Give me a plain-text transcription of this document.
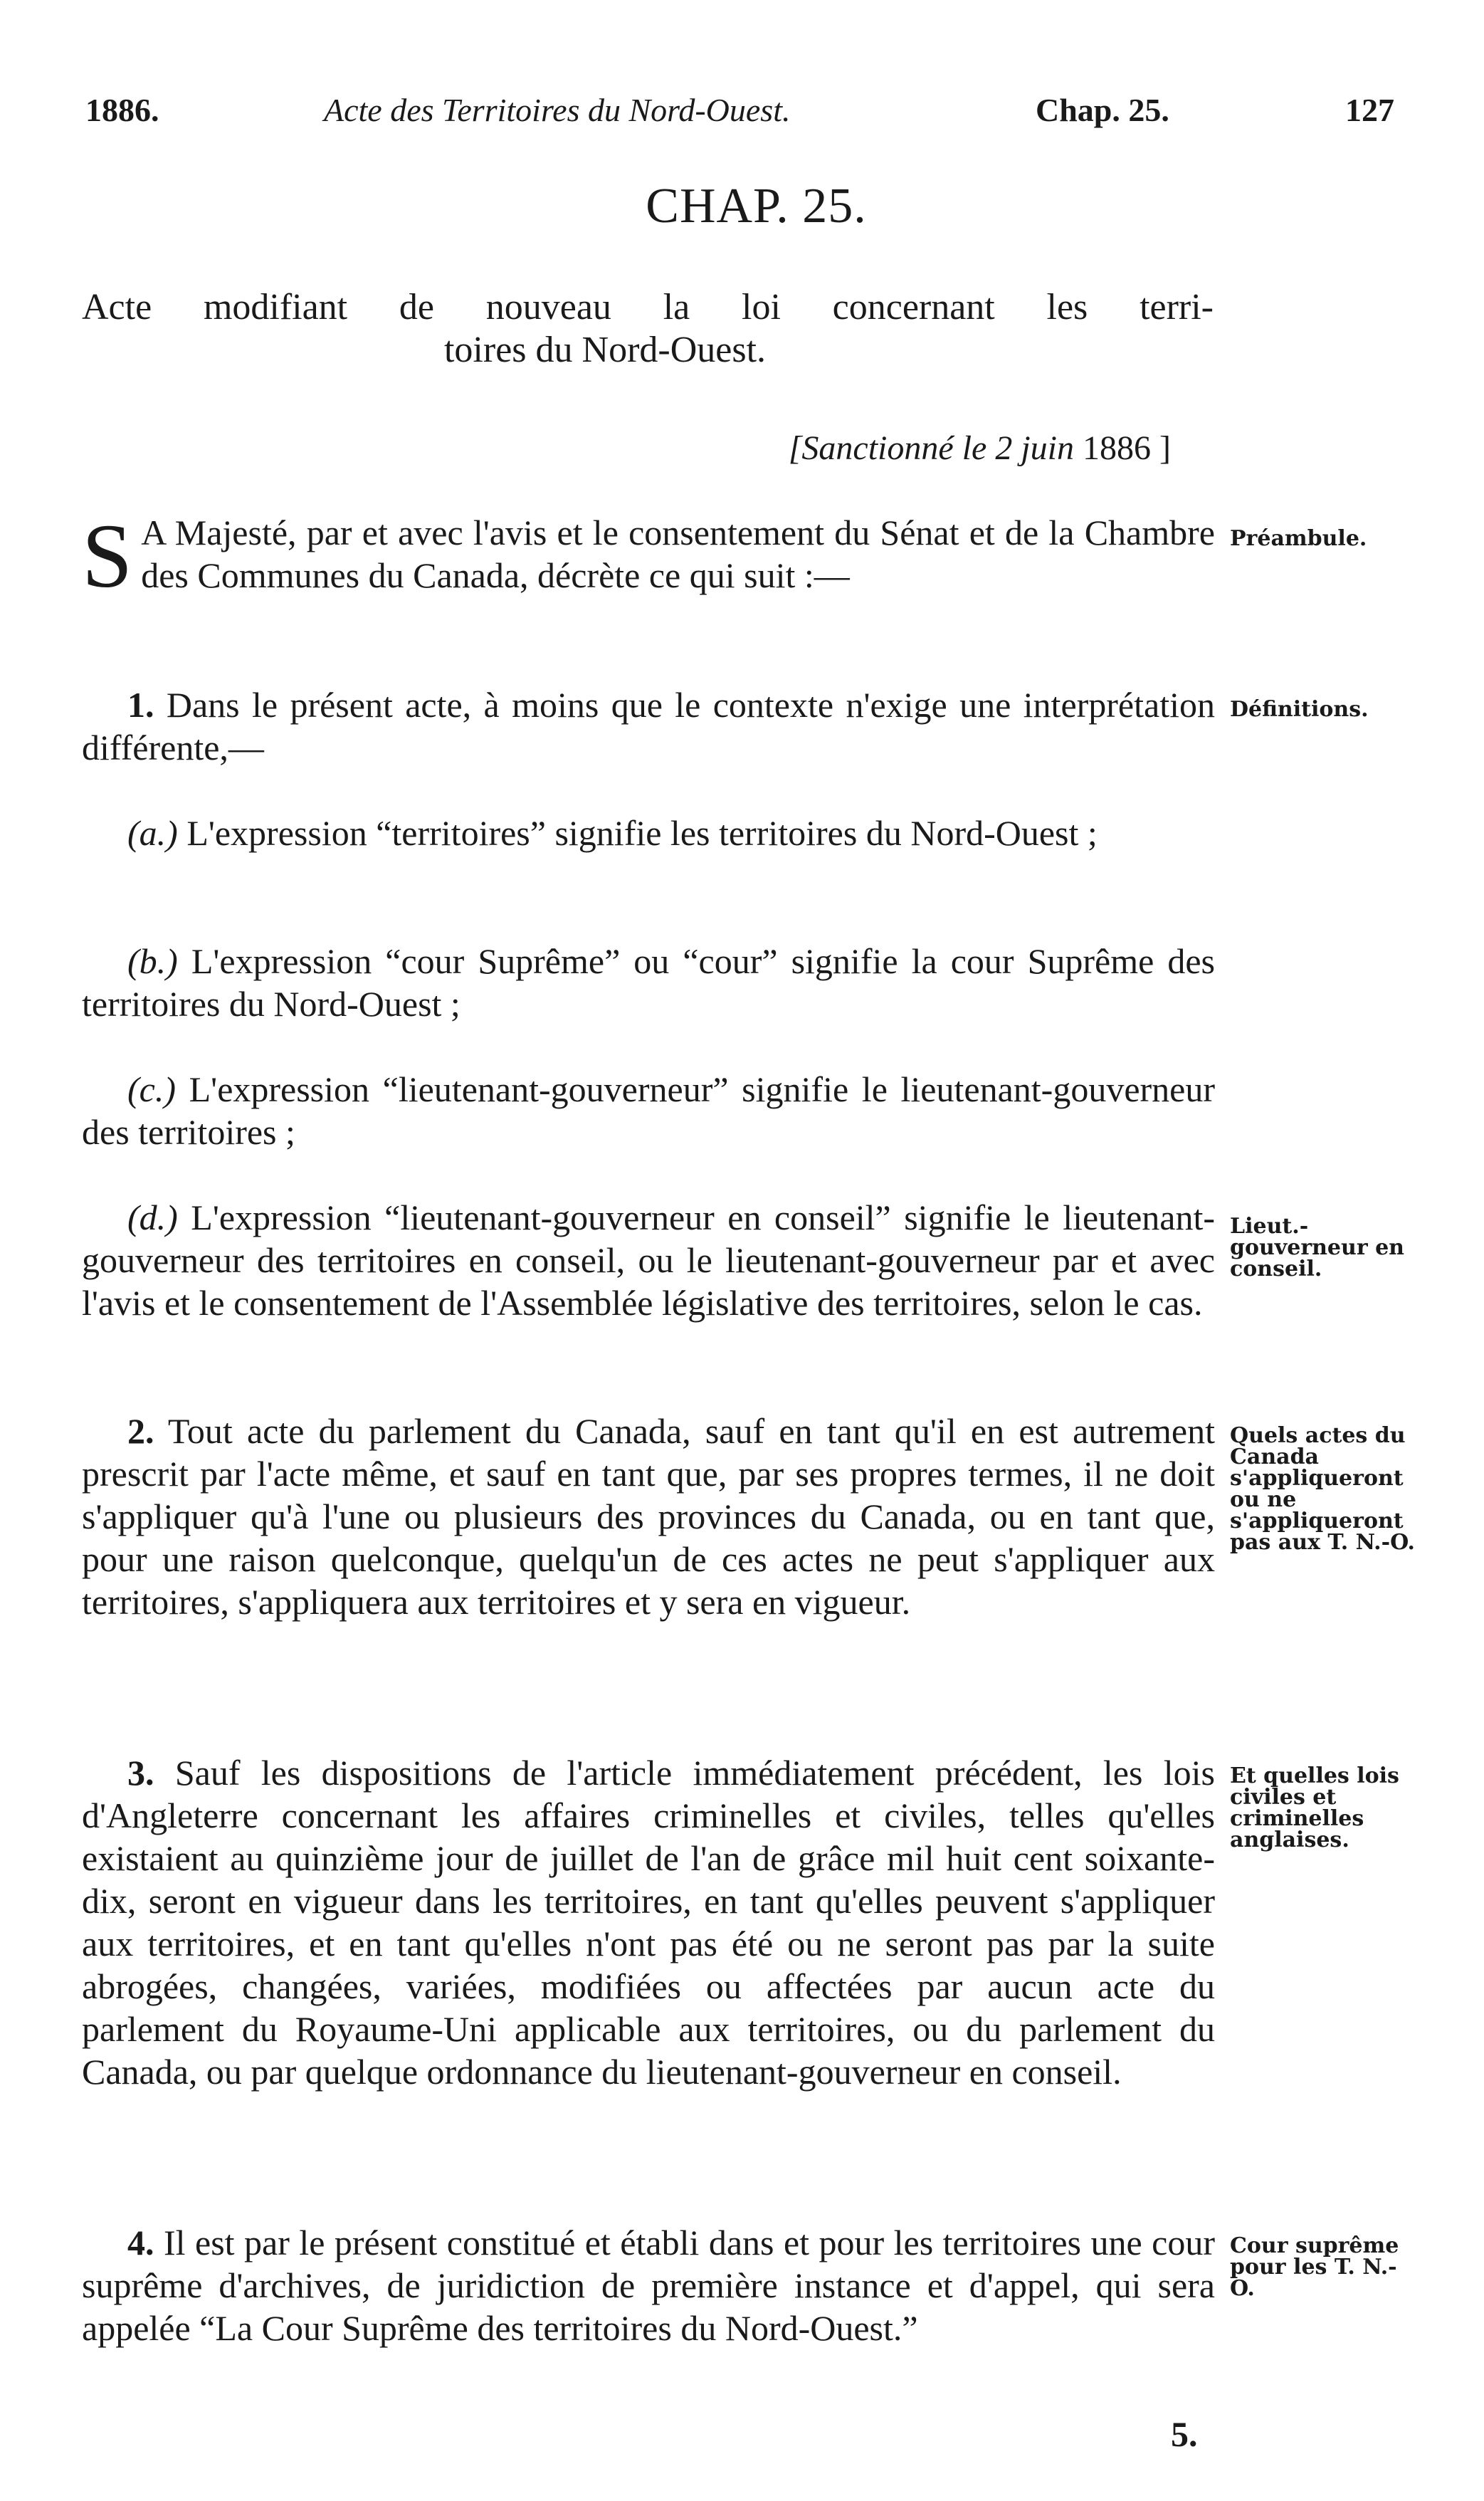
1886.	Acte des Territoires du Nord-Ouest.	Chap. 25.	127
CHAP. 25.
Acte modifiant de nouveau la loi concernant les terri-
toires du Nord-Ouest.
[Sanctionné le 2 juin 1886 ]

S A Majesté, par et avec l'avis et le consentement du Sénat et de la Chambre des Communes du Canada, décrète ce qui suit :—

1. Dans le présent acte, à moins que le contexte n'exige une interprétation différente,—

(a.) L'expression “territoires” signifie les territoires du Nord-Ouest ;

(b.) L'expression “cour Suprême” ou “cour” signifie la cour Suprême des territoires du Nord-Ouest ;

(c.) L'expression “lieutenant-gouverneur” signifie le lieutenant-gouverneur des territoires ;

(d.) L'expression “lieutenant-gouverneur en conseil” signifie le lieutenant-gouverneur des territoires en conseil, ou le lieutenant-gouverneur par et avec l'avis et le consentement de l'Assemblée législative des territoires, selon le cas.

2. Tout acte du parlement du Canada, sauf en tant qu'il en est autrement prescrit par l'acte même, et sauf en tant que, par ses propres termes, il ne doit s'appliquer qu'à l'une ou plusieurs des provinces du Canada, ou en tant que, pour une raison quelconque, quelqu'un de ces actes ne peut s'appliquer aux territoires, s'appliquera aux territoires et y sera en vigueur.

3. Sauf les dispositions de l'article immédiatement précédent, les lois d'Angleterre concernant les affaires criminelles et civiles, telles qu'elles existaient au quinzième jour de juillet de l'an de grâce mil huit cent soixante-dix, seront en vigueur dans les territoires, en tant qu'elles peuvent s'appliquer aux territoires, et en tant qu'elles n'ont pas été ou ne seront pas par la suite abrogées, changées, variées, modifiées ou affectées par aucun acte du parlement du Royaume-Uni applicable aux territoires, ou du parlement du Canada, ou par quelque ordonnance du lieutenant-gouverneur en conseil.

4. Il est par le présent constitué et établi dans et pour les territoires une cour suprême d'archives, de juridiction de première instance et d'appel, qui sera appelée “La Cour Suprême des territoires du Nord-Ouest.”

Préambule.
Définitions.
Lieut.-gouverneur en conseil.
Quels actes du Canada s'appliqueront ou ne s'appliqueront pas aux T. N.-O.
Et quelles lois civiles et criminelles anglaises.
Cour suprême pour les T. N.-O.
5.
